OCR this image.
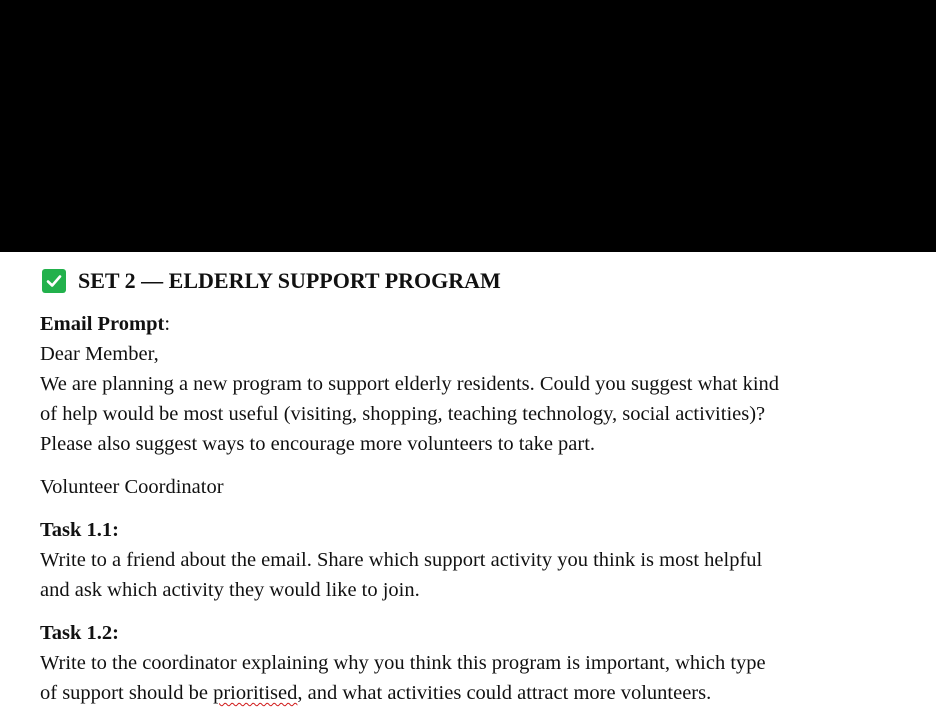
SET 2 — ELDERLY SUPPORT PROGRAM

Email Prompt:

Dear Member,

We are planning a new program to support elderly residents. Could you suggest what kind

of help would be most useful (visiting, shopping, teaching technology, social activities)?

Please also suggest ways to encourage more volunteers to take part.

Volunteer Coordinator

Task 1.1:

Write to a friend about the email. Share which support activity you think is most helpful

and ask which activity they would like to join.

Task 1.2:

Write to the coordinator explaining why you think this program is important, which type

of support should be prioritised, and what activities could attract more volunteers.
